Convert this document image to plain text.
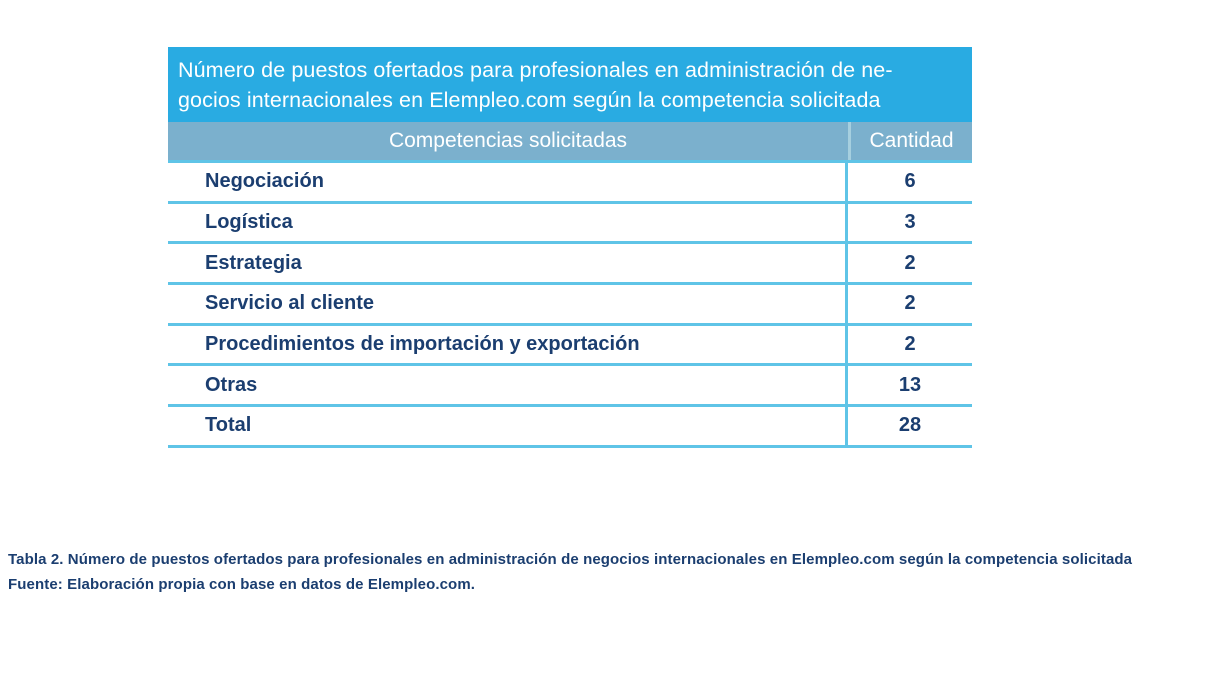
Número de puestos ofertados para profesionales en administración de ne-
gocios internacionales en Elempleo.com según la competencia solicitada
Competencias solicitadas	Cantidad
Negociación	6
Logística	3
Estrategia	2
Servicio al cliente	2
Procedimientos de importación y exportación	2
Otras	13
Total	28
Tabla 2. Número de puestos ofertados para profesionales en administración de negocios internacionales en Elempleo.com según la competencia solicitada
Fuente: Elaboración propia con base en datos de Elempleo.com.
